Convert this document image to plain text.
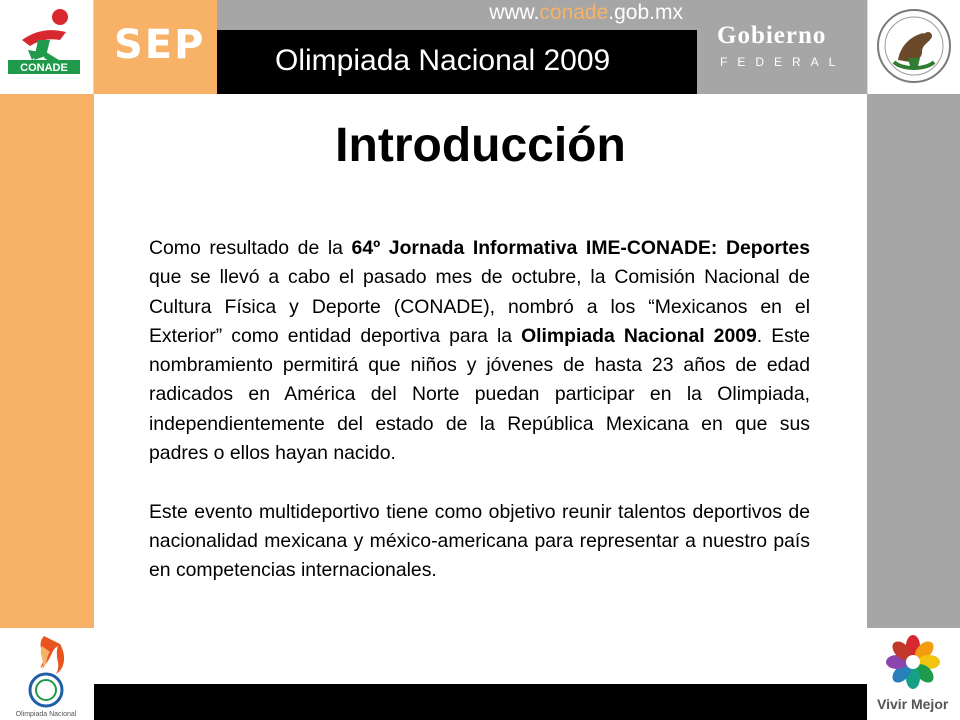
CONADE SEP
www.conade.gob.mx
Olimpiada Nacional 2009
Gobierno
FEDERAL
Introducción

Como resultado de la 64º Jornada Informativa IME-CONADE: Deportes que se llevó a cabo el pasado mes de octubre, la Comisión Nacional de Cultura Física y Deporte (CONADE), nombró a los “Mexicanos en el Exterior” como entidad deportiva para la Olimpiada Nacional 2009. Este nombramiento permitirá que niños y jóvenes de hasta 23 años de edad radicados en América del Norte puedan participar en la Olimpiada, independientemente del estado de la República Mexicana en que sus padres o ellos hayan nacido.

Este evento multideportivo tiene como objetivo reunir talentos deportivos de nacionalidad mexicana y méxico-americana para representar a nuestro país en competencias internacionales.

Olimpiada Nacional
Vivir Mejor
